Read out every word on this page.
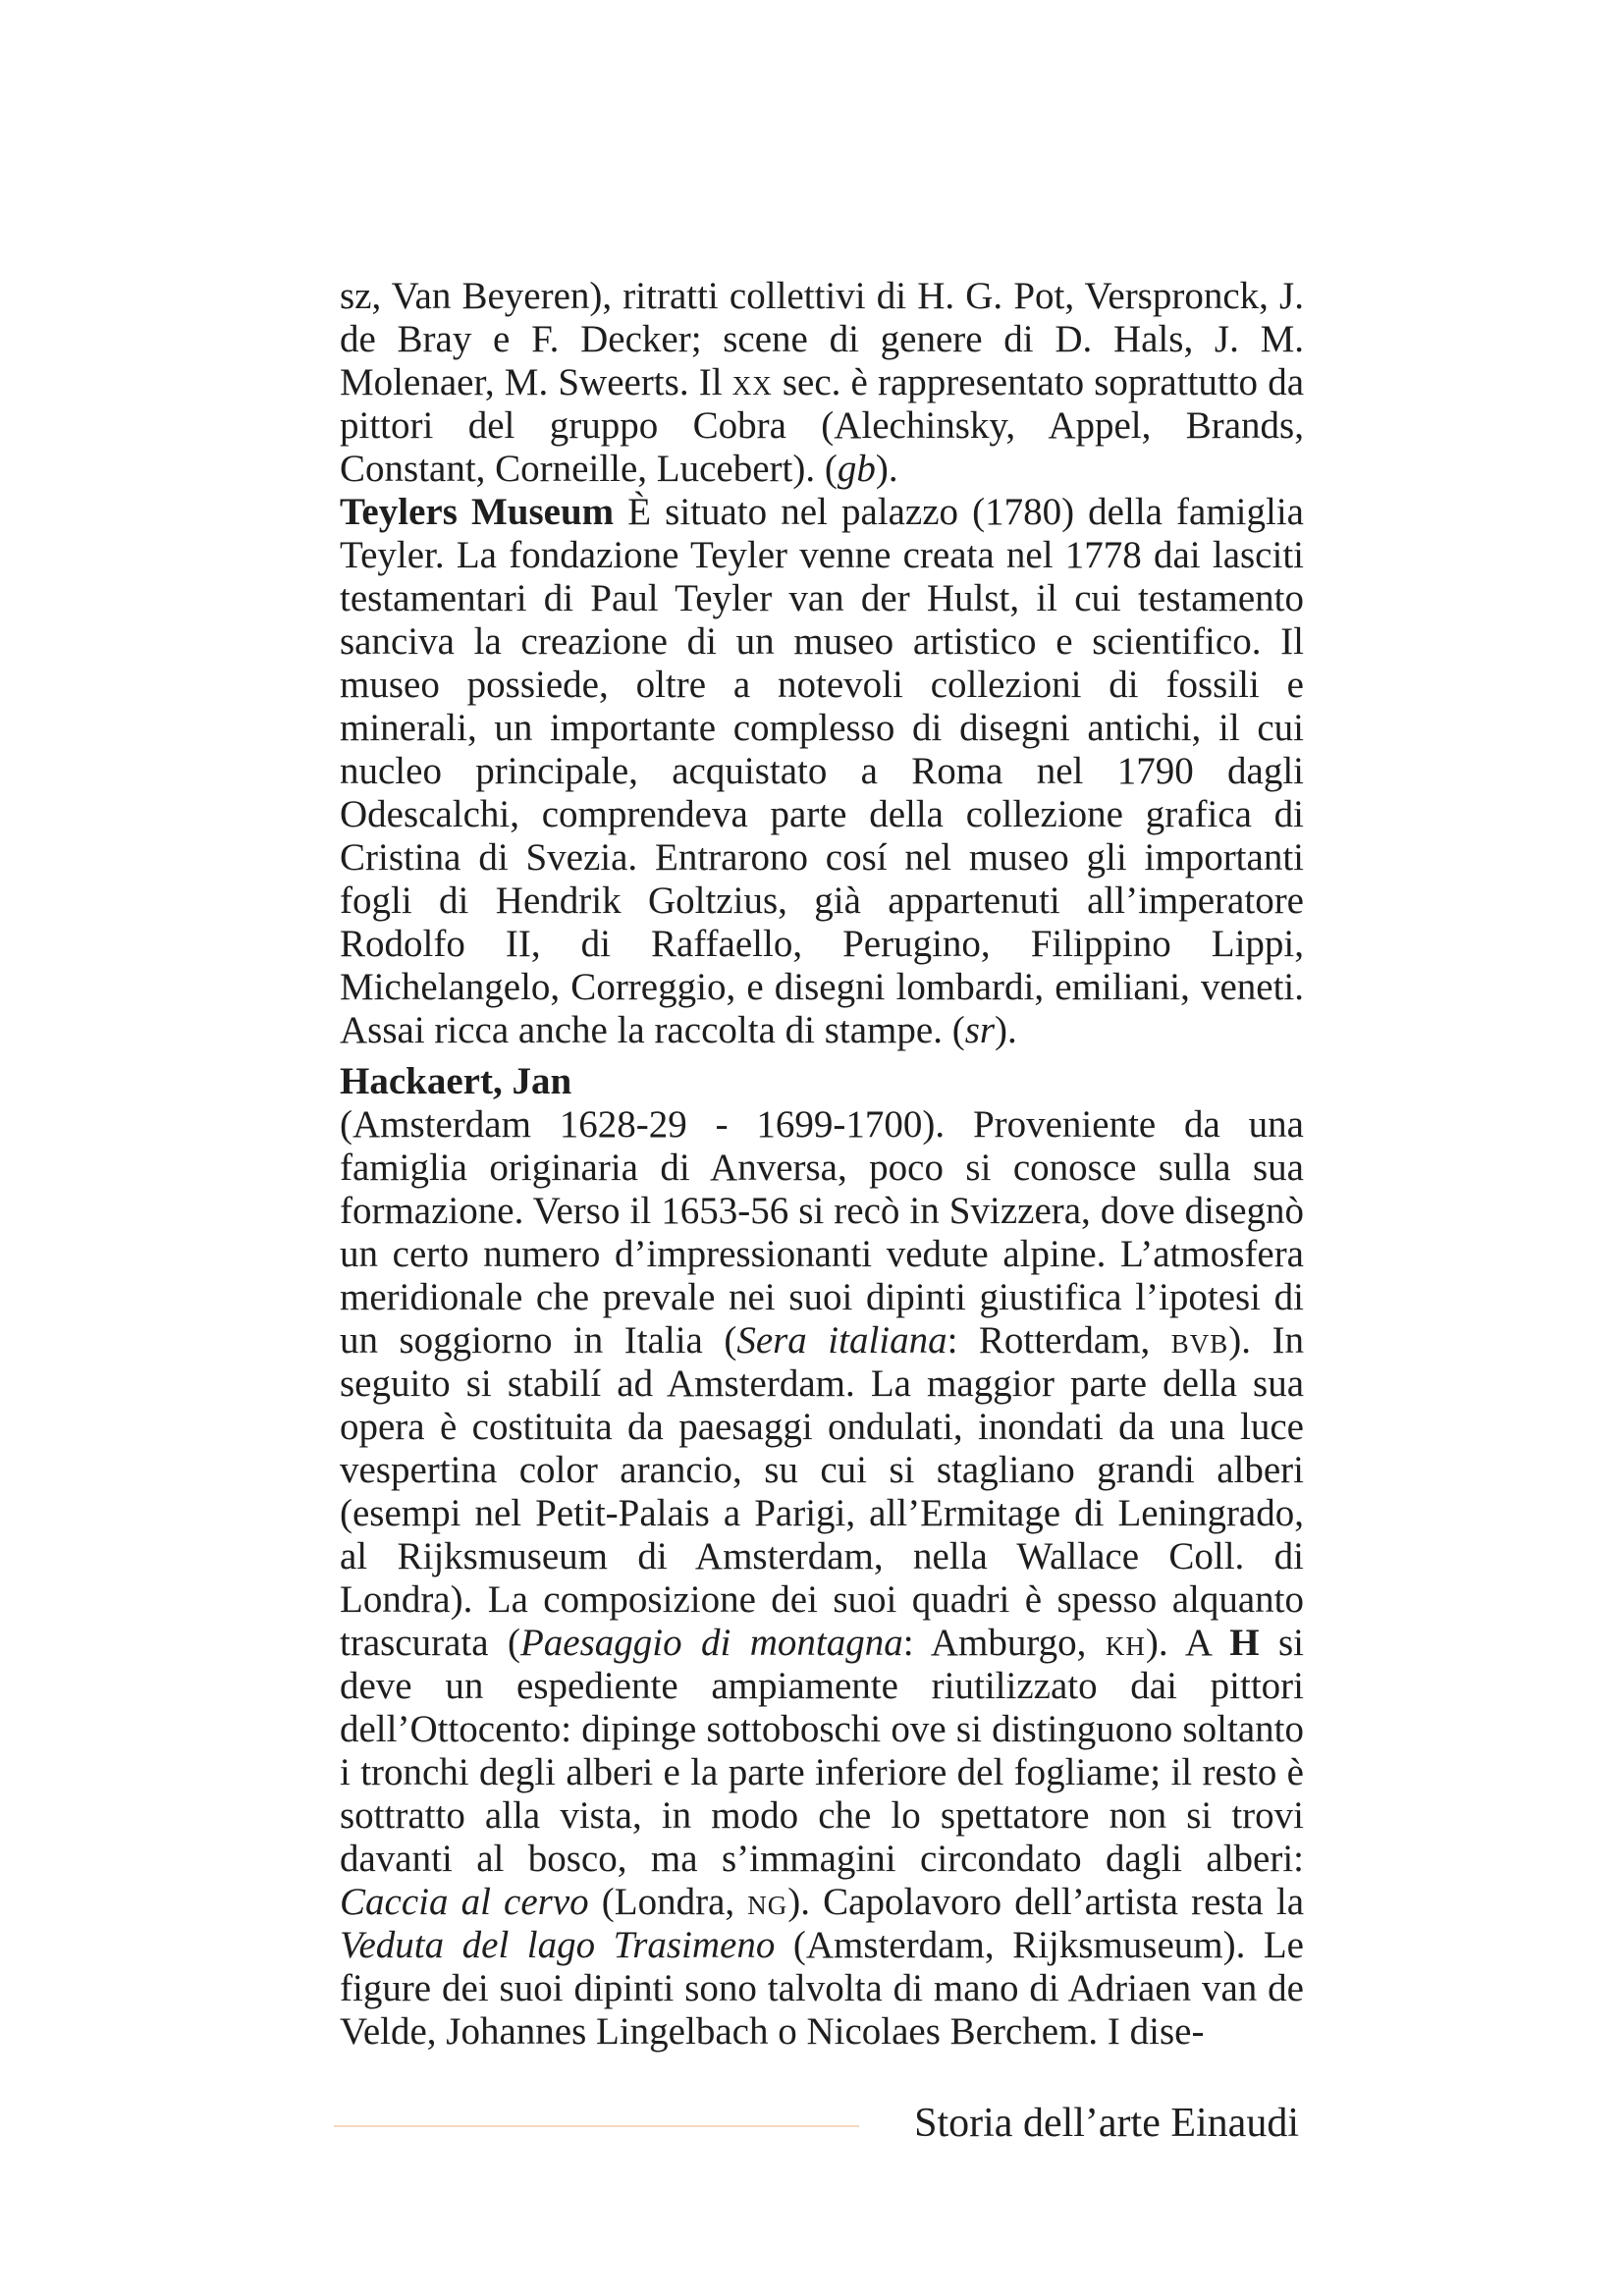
sz, Van Beyeren), ritratti collettivi di H. G. Pot, Verspronck, J. de Bray e F. Decker; scene di genere di D. Hals, J. M. Molenaer, M. Sweerts. Il xx sec. è rappresentato soprattutto da pittori del gruppo Cobra (Alechinsky, Appel, Brands, Constant, Corneille, Lucebert). (gb).

Teylers Museum È situato nel palazzo (1780) della famiglia Teyler. La fondazione Teyler venne creata nel 1778 dai lasciti testamentari di Paul Teyler van der Hulst, il cui testamento sanciva la creazione di un museo artistico e scientifico. Il museo possiede, oltre a notevoli collezioni di fossili e minerali, un importante complesso di disegni antichi, il cui nucleo principale, acquistato a Roma nel 1790 dagli Odescalchi, comprendeva parte della collezione grafica di Cristina di Svezia. Entrarono cosí nel museo gli importanti fogli di Hendrik Goltzius, già appartenuti all’imperatore Rodolfo II, di Raffaello, Perugino, Filippino Lippi, Michelangelo, Correggio, e disegni lombardi, emiliani, veneti. Assai ricca anche la raccolta di stampe. (sr).

Hackaert, Jan

(Amsterdam 1628-29 - 1699-1700). Proveniente da una famiglia originaria di Anversa, poco si conosce sulla sua formazione. Verso il 1653-56 si recò in Svizzera, dove disegnò un certo numero d’impressionanti vedute alpine. L’atmosfera meridionale che prevale nei suoi dipinti giustifica l’ipotesi di un soggiorno in Italia (Sera italiana: Rotterdam, bvb). In seguito si stabilí ad Amsterdam. La maggior parte della sua opera è costituita da paesaggi ondulati, inondati da una luce vespertina color arancio, su cui si stagliano grandi alberi (esempi nel Petit-Palais a Parigi, all’Ermitage di Leningrado, al Rijksmuseum di Amsterdam, nella Wallace Coll. di Londra). La composizione dei suoi quadri è spesso alquanto trascurata (Paesaggio di montagna: Amburgo, kh). A H si deve un espediente ampiamente riutilizzato dai pittori dell’Ottocento: dipinge sottoboschi ove si distinguono soltanto i tronchi degli alberi e la parte inferiore del fogliame; il resto è sottratto alla vista, in modo che lo spettatore non si trovi davanti al bosco, ma s’immagini circondato dagli alberi: Caccia al cervo (Londra, ng). Capolavoro dell’artista resta la Veduta del lago Trasimeno (Amsterdam, Rijksmuseum). Le figure dei suoi dipinti sono talvolta di mano di Adriaen van de Velde, Johannes Lingelbach o Nicolaes Berchem. I dise-

Storia dell’arte Einaudi
